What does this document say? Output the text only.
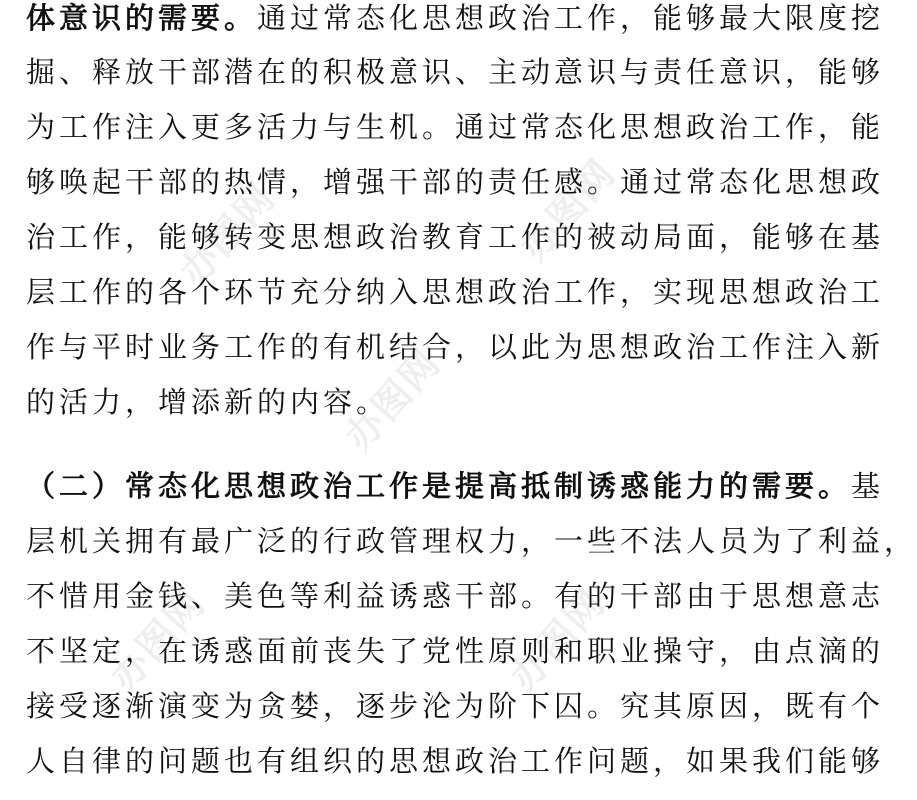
办图网	办图网
办图网
办图网	办图网
体意识的需要。通过常态化思想政治工作，能够最大限度挖
掘、释放干部潜在的积极意识、主动意识与责任意识，能够
为工作注入更多活力与生机。通过常态化思想政治工作，能
够唤起干部的热情，增强干部的责任感。通过常态化思想政
治工作，能够转变思想政治教育工作的被动局面，能够在基
层工作的各个环节充分纳入思想政治工作，实现思想政治工
作与平时业务工作的有机结合，以此为思想政治工作注入新
的活力，增添新的内容。
（二）常态化思想政治工作是提高抵制诱惑能力的需要。基
层机关拥有最广泛的行政管理权力，一些不法人员为了利益，
不惜用金钱、美色等利益诱惑干部。有的干部由于思想意志
不坚定，在诱惑面前丧失了党性原则和职业操守，由点滴的
接受逐渐演变为贪婪，逐步沦为阶下囚。究其原因，既有个
人自律的问题也有组织的思想政治工作问题，如果我们能够
